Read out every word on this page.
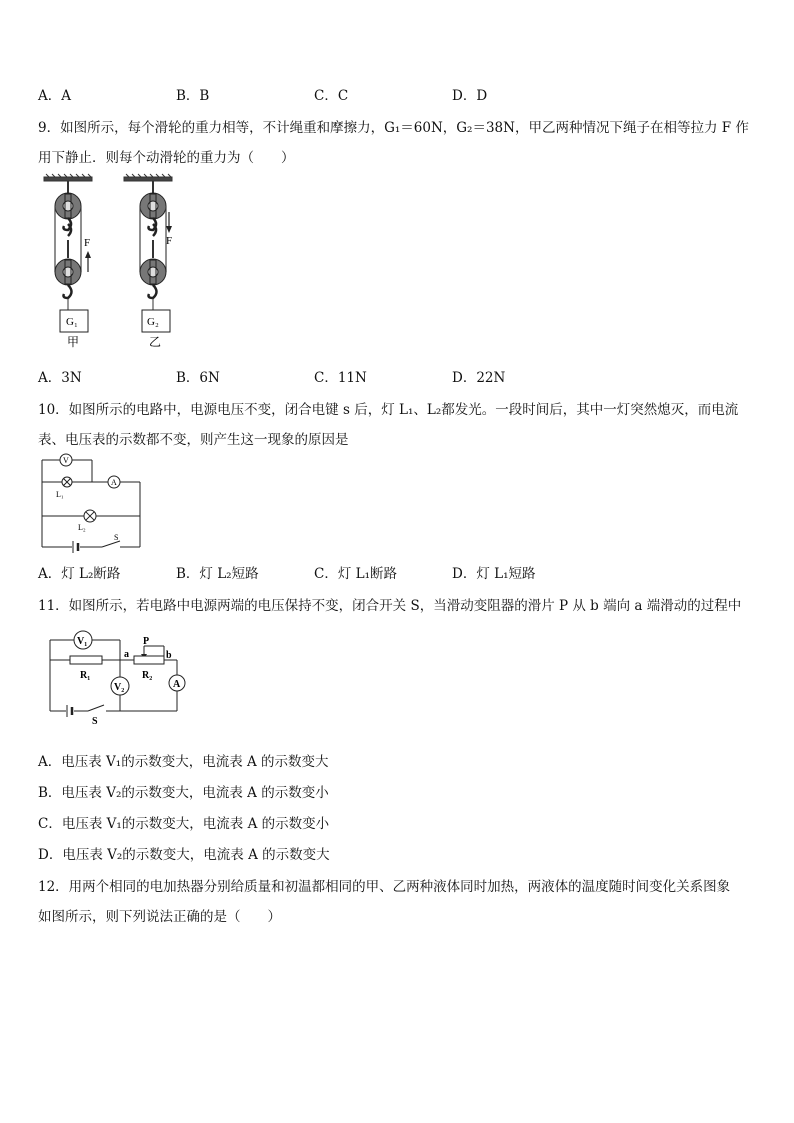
A．A	B．B	C．C	D．D
9．如图所示，每个滑轮的重力相等，不计绳重和摩擦力，G₁＝60N，G₂＝38N，甲乙两种情况下绳子在相等拉力 F 作
用下静止．则每个动滑轮的重力为（　　）
F
G₁
甲
F
G₂
乙
A．3N	B．6N	C．11N	D．22N
10．如图所示的电路中，电源电压不变，闭合电键 s 后，灯 L₁、L₂都发光。一段时间后，其中一灯突然熄灭，而电流
表、电压表的示数都不变，则产生这一现象的原因是
V
L₁
A
L₂
S
A．灯 L₂断路	B．灯 L₂短路	C．灯 L₁断路	D．灯 L₁短路
11．如图所示，若电路中电源两端的电压保持不变，闭合开关 S，当滑动变阻器的滑片 P 从 b 端向 a 端滑动的过程中
V₁
R₁
a
P
b
R₂
V₂	A
S
A．电压表 V₁的示数变大，电流表 A 的示数变大
B．电压表 V₂的示数变大，电流表 A 的示数变小
C．电压表 V₁的示数变大，电流表 A 的示数变小
D．电压表 V₂的示数变大，电流表 A 的示数变大
12．用两个相同的电加热器分别给质量和初温都相同的甲、乙两种液体同时加热，两液体的温度随时间变化关系图象
如图所示，则下列说法正确的是（　　）
